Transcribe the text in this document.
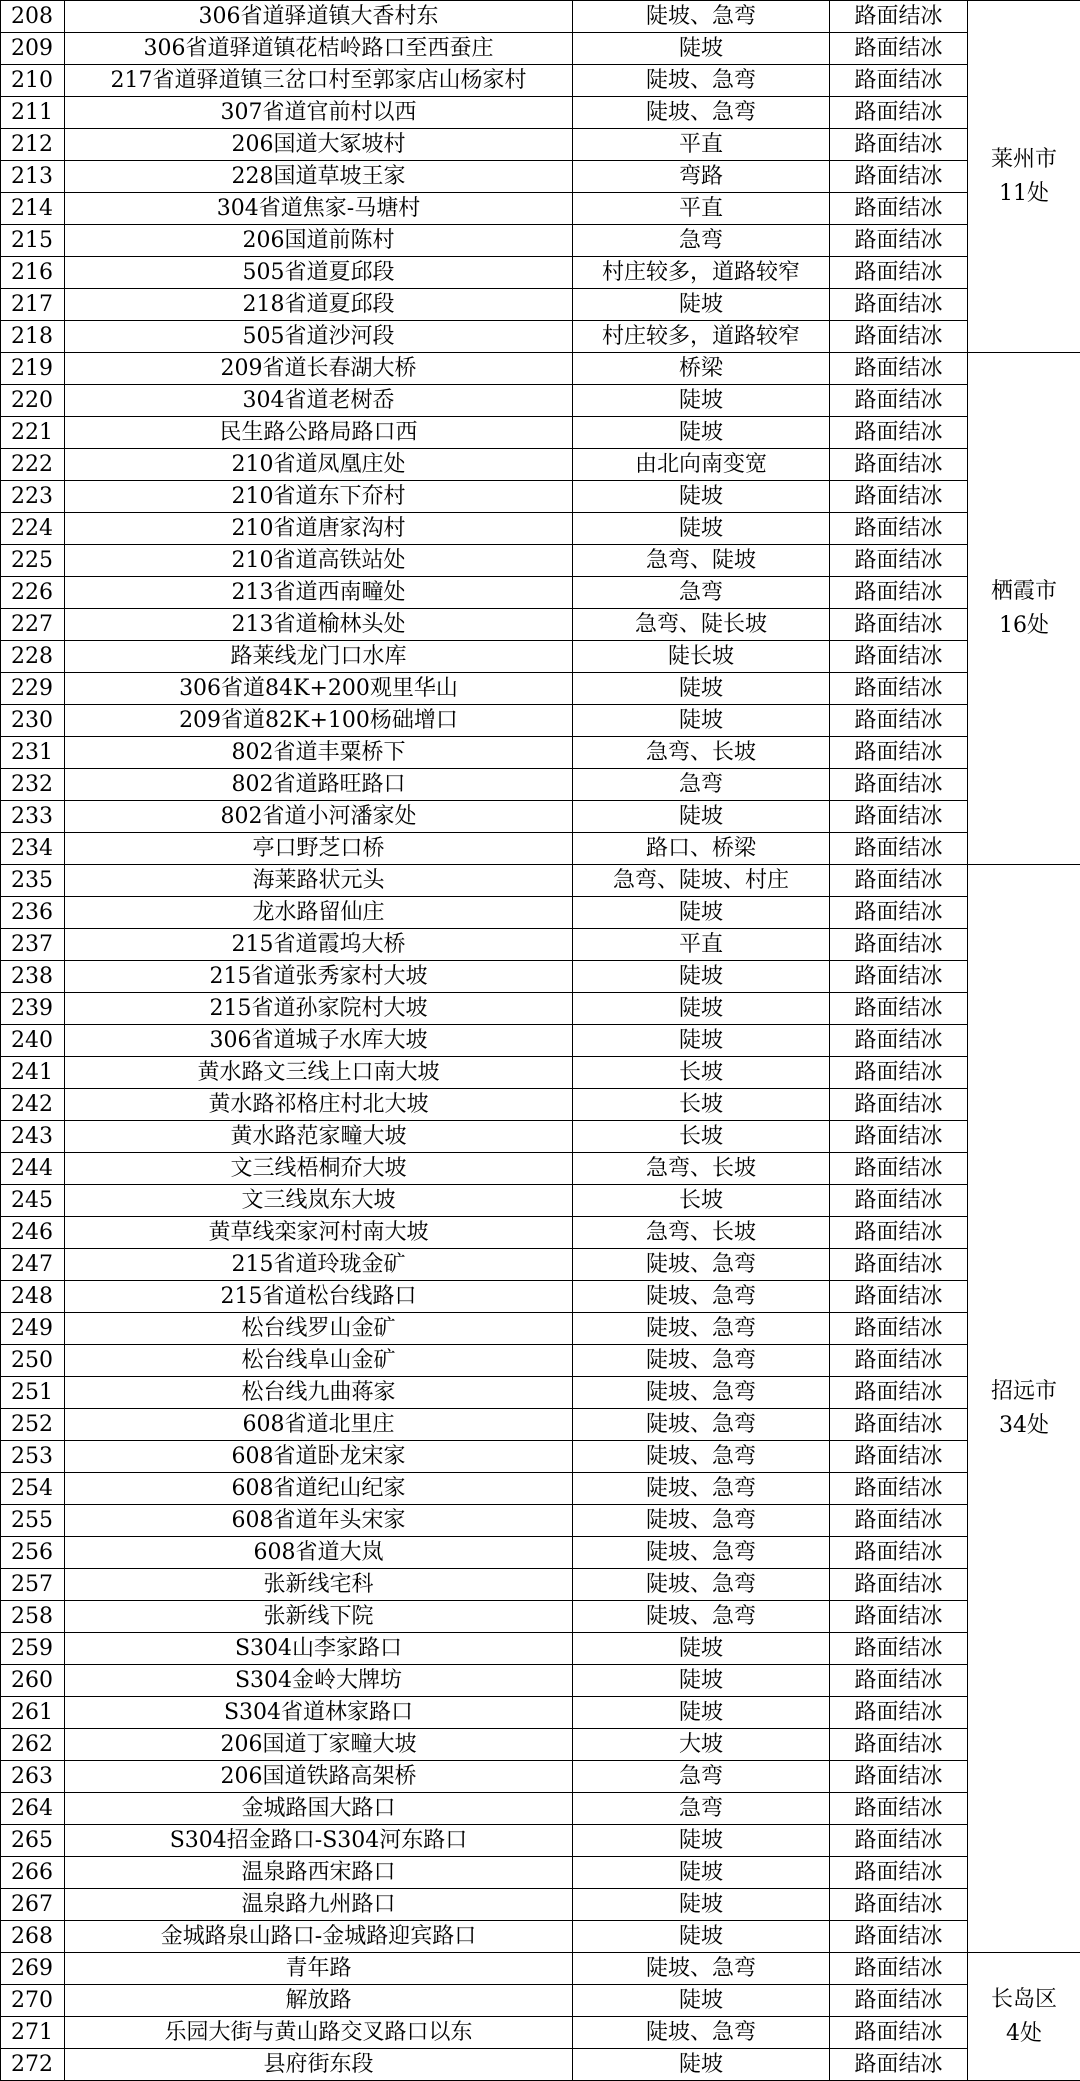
208	306省道驿道镇大香村东	陡坡、急弯	路面结冰	莱州市
11处

209	306省道驿道镇花桔岭路口至西蚕庄	陡坡	路面结冰	
210	217省道驿道镇三岔口村至郭家店山杨家村	陡坡、急弯	路面结冰	
211	307省道官前村以西	陡坡、急弯	路面结冰	
212	206国道大冢坡村	平直	路面结冰	
213	228国道草坡王家	弯路	路面结冰	
214	304省道焦家-马塘村	平直	路面结冰	
215	206国道前陈村	急弯	路面结冰	
216	505省道夏邱段	村庄较多，道路较窄	路面结冰	
217	218省道夏邱段	陡坡	路面结冰	
218	505省道沙河段	村庄较多，道路较窄	路面结冰	
219	209省道长春湖大桥	桥梁	路面结冰	栖霞市
16处

220	304省道老树岙	陡坡	路面结冰	
221	民生路公路局路口西	陡坡	路面结冰	
222	210省道凤凰庄处	由北向南变宽	路面结冰	
223	210省道东下夼村	陡坡	路面结冰	
224	210省道唐家沟村	陡坡	路面结冰	
225	210省道高铁站处	急弯、陡坡	路面结冰	
226	213省道西南疃处	急弯	路面结冰	
227	213省道榆林头处	急弯、陡长坡	路面结冰	
228	路莱线龙门口水库	陡长坡	路面结冰	
229	306省道84K+200观里华山	陡坡	路面结冰	
230	209省道82K+100杨础增口	陡坡	路面结冰	
231	802省道丰粟桥下	急弯、长坡	路面结冰	
232	802省道路旺路口	急弯	路面结冰	
233	802省道小河潘家处	陡坡	路面结冰	
234	亭口野芝口桥	路口、桥梁	路面结冰	
235	海莱路状元头	急弯、陡坡、村庄	路面结冰	招远市
34处

236	龙水路留仙庄	陡坡	路面结冰	
237	215省道霞坞大桥	平直	路面结冰	
238	215省道张秀家村大坡	陡坡	路面结冰	
239	215省道孙家院村大坡	陡坡	路面结冰	
240	306省道城子水库大坡	陡坡	路面结冰	
241	黄水路文三线上口南大坡	长坡	路面结冰	
242	黄水路祁格庄村北大坡	长坡	路面结冰	
243	黄水路范家疃大坡	长坡	路面结冰	
244	文三线梧桐夼大坡	急弯、长坡	路面结冰	
245	文三线岚东大坡	长坡	路面结冰	
246	黄草线栾家河村南大坡	急弯、长坡	路面结冰	
247	215省道玲珑金矿	陡坡、急弯	路面结冰	
248	215省道松台线路口	陡坡、急弯	路面结冰	
249	松台线罗山金矿	陡坡、急弯	路面结冰	
250	松台线阜山金矿	陡坡、急弯	路面结冰	
251	松台线九曲蒋家	陡坡、急弯	路面结冰	
252	608省道北里庄	陡坡、急弯	路面结冰	
253	608省道卧龙宋家	陡坡、急弯	路面结冰	
254	608省道纪山纪家	陡坡、急弯	路面结冰	
255	608省道年头宋家	陡坡、急弯	路面结冰	
256	608省道大岚	陡坡、急弯	路面结冰	
257	张新线宅科	陡坡、急弯	路面结冰	
258	张新线下院	陡坡、急弯	路面结冰	
259	S304山李家路口	陡坡	路面结冰	
260	S304金岭大牌坊	陡坡	路面结冰	
261	S304省道林家路口	陡坡	路面结冰	
262	206国道丁家疃大坡	大坡	路面结冰	
263	206国道铁路高架桥	急弯	路面结冰	
264	金城路国大路口	急弯	路面结冰	
265	S304招金路口-S304河东路口	陡坡	路面结冰	
266	温泉路西宋路口	陡坡	路面结冰	
267	温泉路九州路口	陡坡	路面结冰	
268	金城路泉山路口-金城路迎宾路口	陡坡	路面结冰	
269	青年路	陡坡、急弯	路面结冰	长岛区
4处

270	解放路	陡坡	路面结冰	
271	乐园大街与黄山路交叉路口以东	陡坡、急弯	路面结冰	
272	县府街东段	陡坡	路面结冰	
